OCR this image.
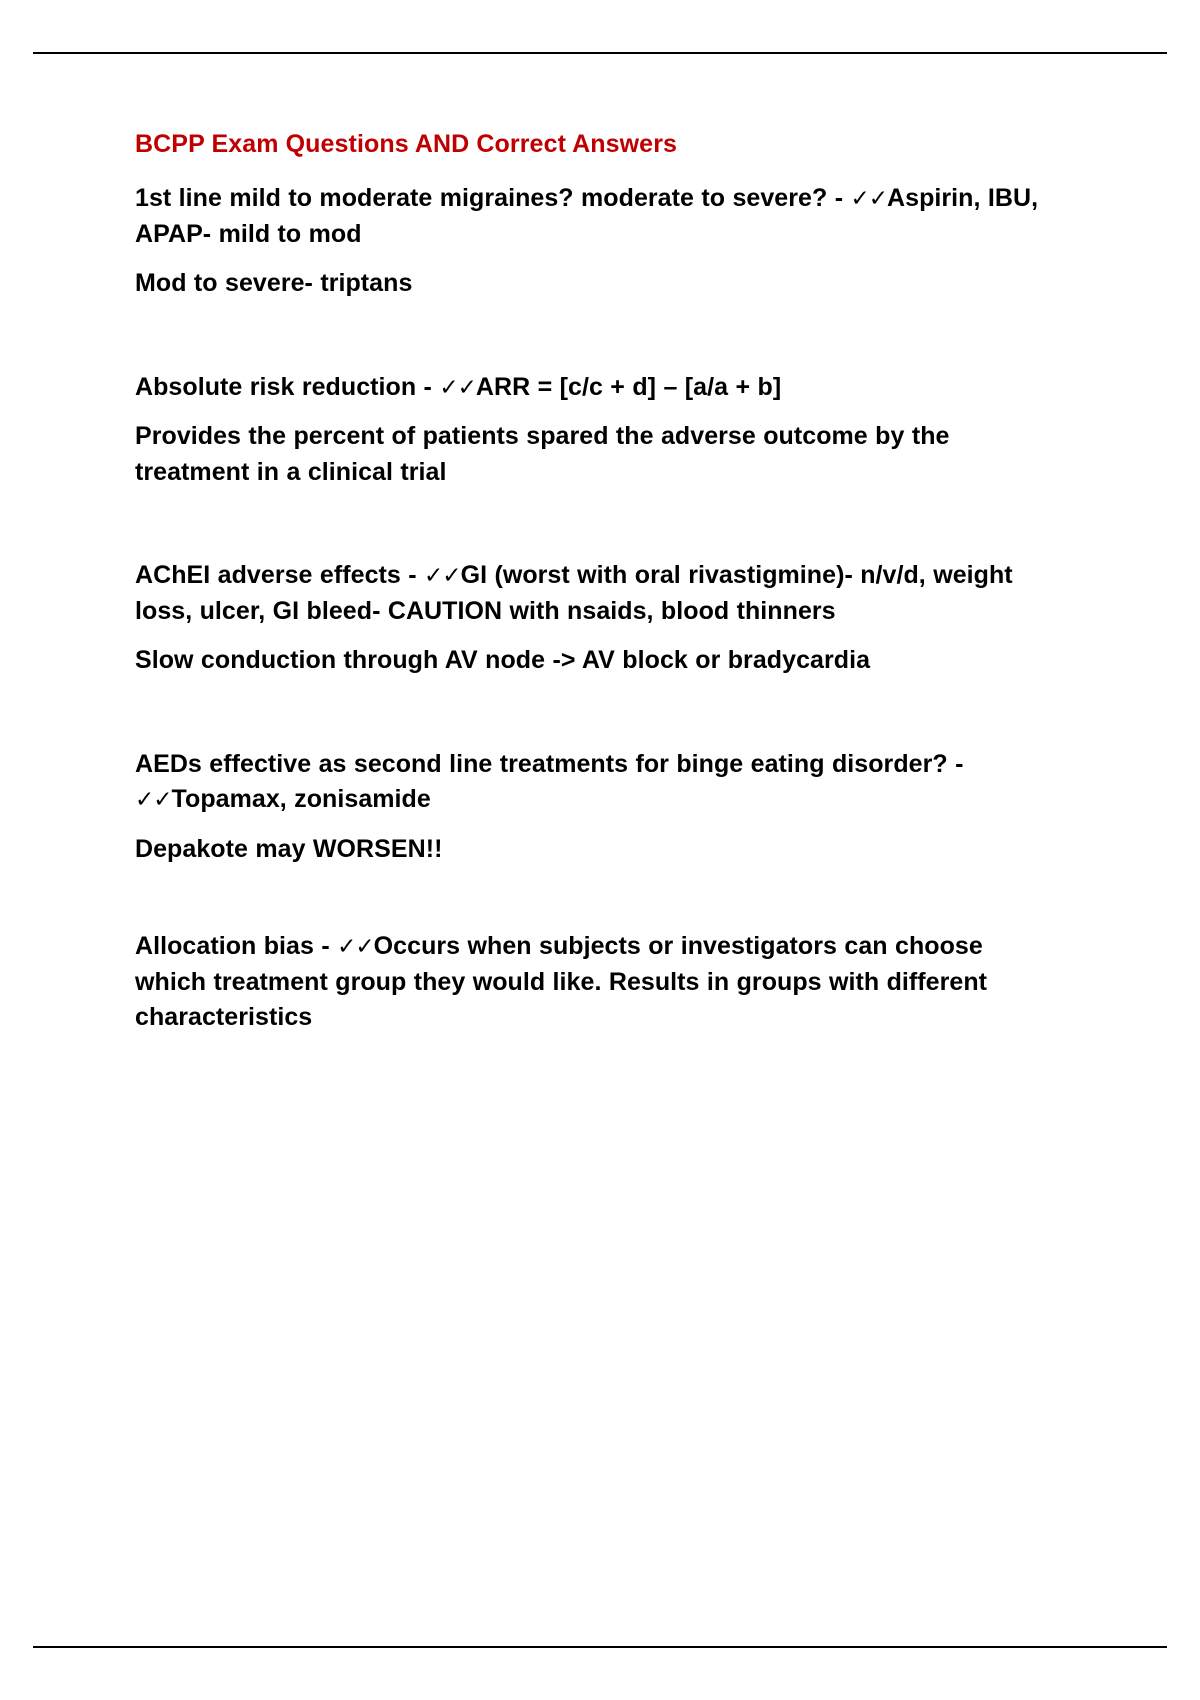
BCPP Exam Questions AND Correct Answers

1st line mild to moderate migraines? moderate to severe? - ✓✓Aspirin, IBU, APAP- mild to mod

Mod to severe- triptans

Absolute risk reduction - ✓✓ARR = [c/c + d] – [a/a + b]

Provides the percent of patients spared the adverse outcome by the treatment in a clinical trial

AChEI adverse effects - ✓✓GI (worst with oral rivastigmine)- n/v/d, weight loss, ulcer, GI bleed- CAUTION with nsaids, blood thinners

Slow conduction through AV node -> AV block or bradycardia

AEDs effective as second line treatments for binge eating disorder? - ✓✓Topamax, zonisamide

Depakote may WORSEN!!

Allocation bias - ✓✓Occurs when subjects or investigators can choose which treatment group they would like. Results in groups with different characteristics
